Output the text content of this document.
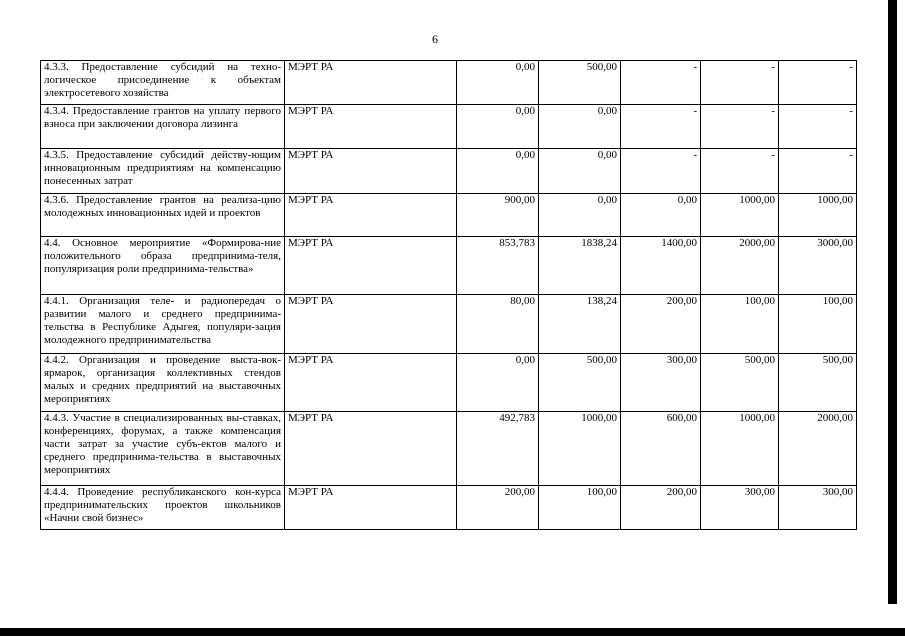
6
4.3.3. Предоставление субсидий на техно-логическое присоединение к объектам электросетевого хозяйства	МЭРТ РА	0,00	500,00	-	-	-
4.3.4. Предоставление грантов на уплату первого взноса при заключении договора лизинга	МЭРТ РА	0,00	0,00	-	-	-
4.3.5. Предоставление субсидий действу-ющим инновационным предприятиям на компенсацию понесенных затрат	МЭРТ РА	0,00	0,00	-	-	-
4.3.6. Предоставление грантов на реализа-цию молодежных инновационных идей и проектов	МЭРТ РА	900,00	0,00	0,00	1000,00	1000,00
4.4. Основное мероприятие «Формирова-ние положительного образа предпринима-теля, популяризация роли предпринима-тельства»	МЭРТ РА	853,783	1838,24	1400,00	2000,00	3000,00
4.4.1. Организация теле- и радиопередач о развитии малого и среднего предпринима-тельства в Республике Адыгея, популяри-зация молодежного предпринимательства	МЭРТ РА	80,00	138,24	200,00	100,00	100,00
4.4.2. Организация и проведение выста-вок-ярмарок, организация коллективных стендов малых и средних предприятий на выставочных мероприятиях	МЭРТ РА	0,00	500,00	300,00	500,00	500,00
4.4.3. Участие в специализированных вы-ставках, конференциях, форумах, а также компенсация части затрат за участие субъ-ектов малого и среднего предпринима-тельства в выставочных мероприятиях	МЭРТ РА	492,783	1000,00	600,00	1000,00	2000,00
4.4.4. Проведение республиканского кон-курса предпринимательских проектов школьников «Начни свой бизнес»	МЭРТ РА	200,00	100,00	200,00	300,00	300,00
